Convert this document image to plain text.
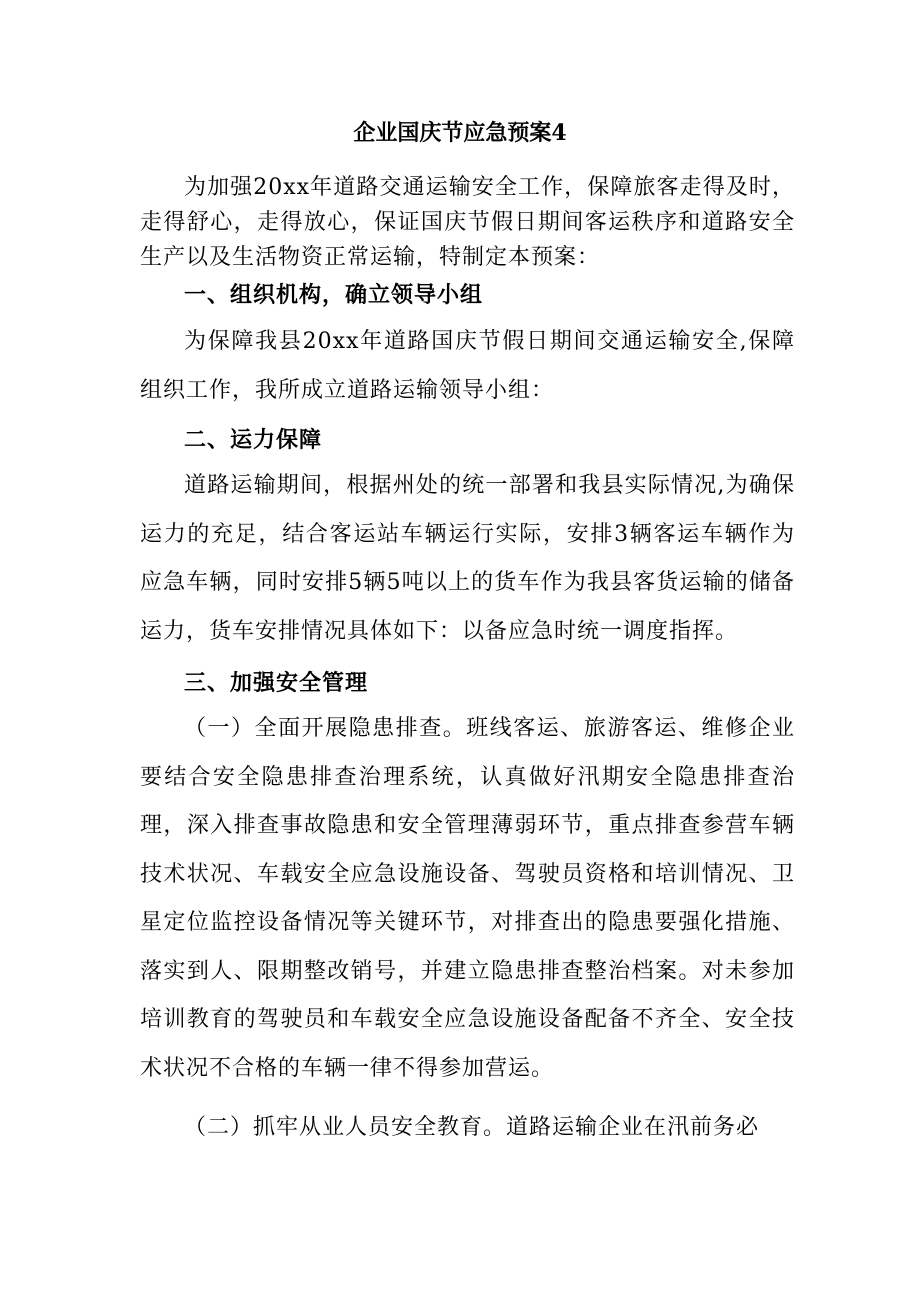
企业国庆节应急预案4

为加强20xx年道路交通运输安全工作，保障旅客走得及时，走得舒心，走得放心，保证国庆节假日期间客运秩序和道路安全生产以及生活物资正常运输，特制定本预案：

一、组织机构，确立领导小组

为保障我县20xx年道路国庆节假日期间交通运输安全,保障组织工作，我所成立道路运输领导小组：

二、运力保障

道路运输期间，根据州处的统一部署和我县实际情况,为确保运力的充足，结合客运站车辆运行实际，安排3辆客运车辆作为应急车辆，同时安排5辆5吨以上的货车作为我县客货运输的储备运力，货车安排情况具体如下：以备应急时统一调度指挥。

三、加强安全管理

（一）全面开展隐患排查。班线客运、旅游客运、维修企业要结合安全隐患排查治理系统，认真做好汛期安全隐患排查治理，深入排查事故隐患和安全管理薄弱环节，重点排查参营车辆技术状况、车载安全应急设施设备、驾驶员资格和培训情况、卫星定位监控设备情况等关键环节，对排查出的隐患要强化措施、落实到人、限期整改销号，并建立隐患排查整治档案。对未参加培训教育的驾驶员和车载安全应急设施设备配备不齐全、安全技术状况不合格的车辆一律不得参加营运。

（二）抓牢从业人员安全教育。道路运输企业在汛前务必
